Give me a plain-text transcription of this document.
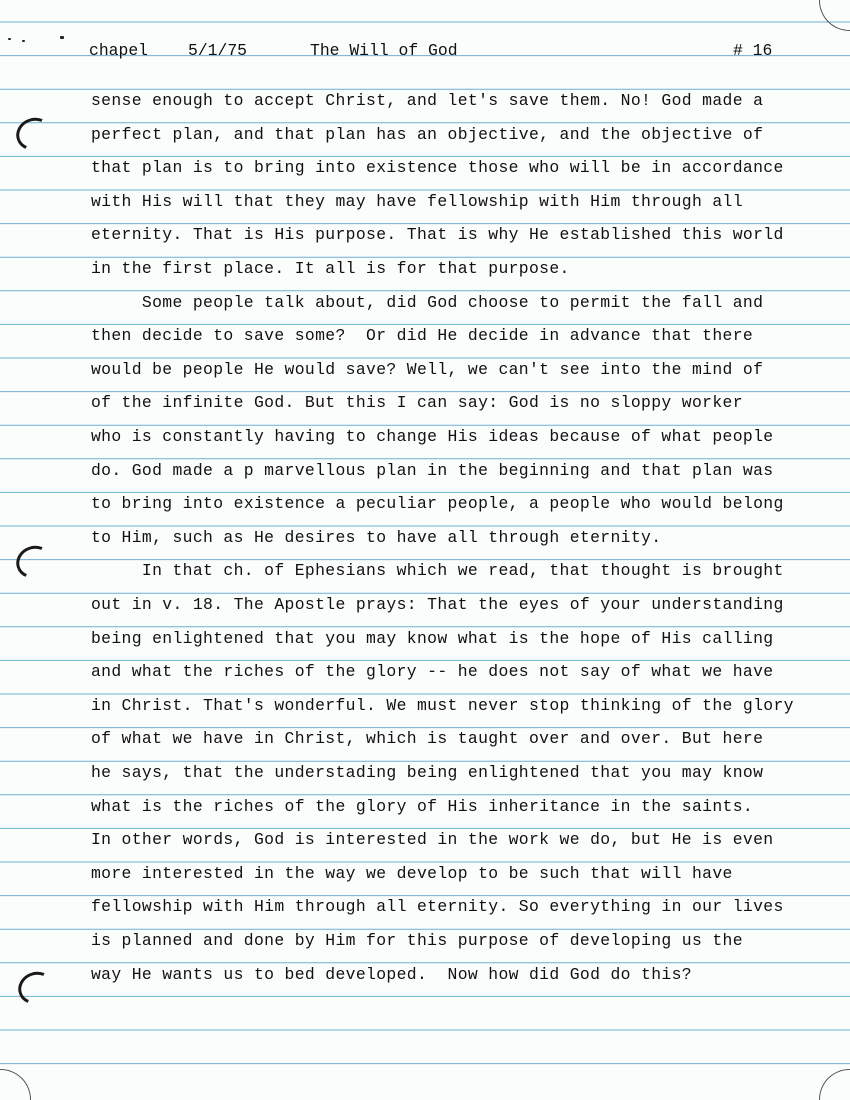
chapel 5/1/75	The Will of God	# 16
sense enough to accept Christ, and let's save them. No! God made a
perfect plan, and that plan has an objective, and the objective of
that plan is to bring into existence those who will be in accordance
with His will that they may have fellowship with Him through all
eternity. That is His purpose. That is why He established this world
in the first place. It all is for that purpose.
Some people talk about, did God choose to permit the fall and
then decide to save some?  Or did He decide in advance that there
would be people He would save? Well, we can't see into the mind of
of the infinite God. But this I can say: God is no sloppy worker
who is constantly having to change His ideas because of what people
do. God made a p marvellous plan in the beginning and that plan was
to bring into existence a peculiar people, a people who would belong
to Him, such as He desires to have all through eternity.
In that ch. of Ephesians which we read, that thought is brought
out in v. 18. The Apostle prays: That the eyes of your understanding
being enlightened that you may know what is the hope of His calling
and what the riches of the glory -- he does not say of what we have
in Christ. That's wonderful. We must never stop thinking of the glory
of what we have in Christ, which is taught over and over. But here
he says, that the understading being enlightened that you may know
what is the riches of the glory of His inheritance in the saints.
In other words, God is interested in the work we do, but He is even
more interested in the way we develop to be such that will have
fellowship with Him through all eternity. So everything in our lives
is planned and done by Him for this purpose of developing us the
way He wants us to bed developed.  Now how did God do this?
